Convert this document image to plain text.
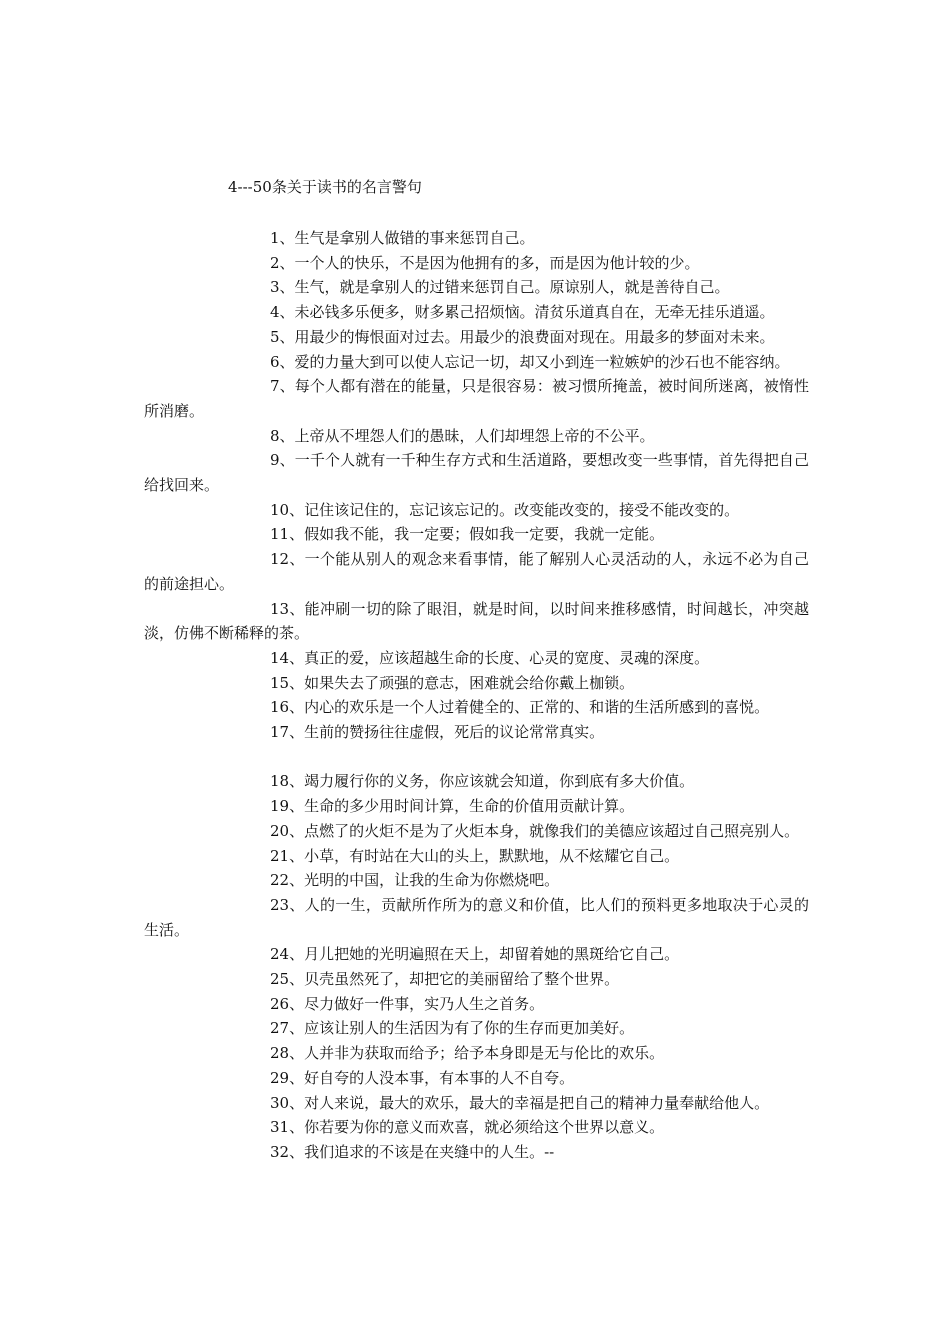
4---50条关于读书的名言警句

1、生气是拿别人做错的事来惩罚自己。

2、一个人的快乐，不是因为他拥有的多，而是因为他计较的少。

3、生气，就是拿别人的过错来惩罚自己。原谅别人，就是善待自己。

4、未必钱多乐便多，财多累己招烦恼。清贫乐道真自在，无牵无挂乐逍遥。

5、用最少的悔恨面对过去。用最少的浪费面对现在。用最多的梦面对未来。

6、爱的力量大到可以使人忘记一切，却又小到连一粒嫉妒的沙石也不能容纳。

7、每个人都有潜在的能量，只是很容易：被习惯所掩盖，被时间所迷离，被惰性所消磨。

8、上帝从不埋怨人们的愚昧，人们却埋怨上帝的不公平。

9、一千个人就有一千种生存方式和生活道路，要想改变一些事情，首先得把自己给找回来。

10、记住该记住的，忘记该忘记的。改变能改变的，接受不能改变的。

11、假如我不能，我一定要；假如我一定要，我就一定能。

12、一个能从别人的观念来看事情，能了解别人心灵活动的人，永远不必为自己的前途担心。

13、能冲刷一切的除了眼泪，就是时间，以时间来推移感情，时间越长，冲突越淡，仿佛不断稀释的茶。

14、真正的爱，应该超越生命的长度、心灵的宽度、灵魂的深度。

15、如果失去了顽强的意志，困难就会给你戴上枷锁。

16、内心的欢乐是一个人过着健全的、正常的、和谐的生活所感到的喜悦。

17、生前的赞扬往往虚假，死后的议论常常真实。

18、竭力履行你的义务，你应该就会知道，你到底有多大价值。

19、生命的多少用时间计算，生命的价值用贡献计算。

20、点燃了的火炬不是为了火炬本身，就像我们的美德应该超过自己照亮别人。

21、小草，有时站在大山的头上，默默地，从不炫耀它自己。

22、光明的中国，让我的生命为你燃烧吧。

23、人的一生，贡献所作所为的意义和价值，比人们的预料更多地取决于心灵的生活。

24、月儿把她的光明遍照在天上，却留着她的黑斑给它自己。

25、贝壳虽然死了，却把它的美丽留给了整个世界。

26、尽力做好一件事，实乃人生之首务。

27、应该让别人的生活因为有了你的生存而更加美好。

28、人并非为获取而给予；给予本身即是无与伦比的欢乐。

29、好自夸的人没本事，有本事的人不自夸。

30、对人来说，最大的欢乐，最大的幸福是把自己的精神力量奉献给他人。

31、你若要为你的意义而欢喜，就必须给这个世界以意义。

32、我们追求的不该是在夹缝中的人生。--
